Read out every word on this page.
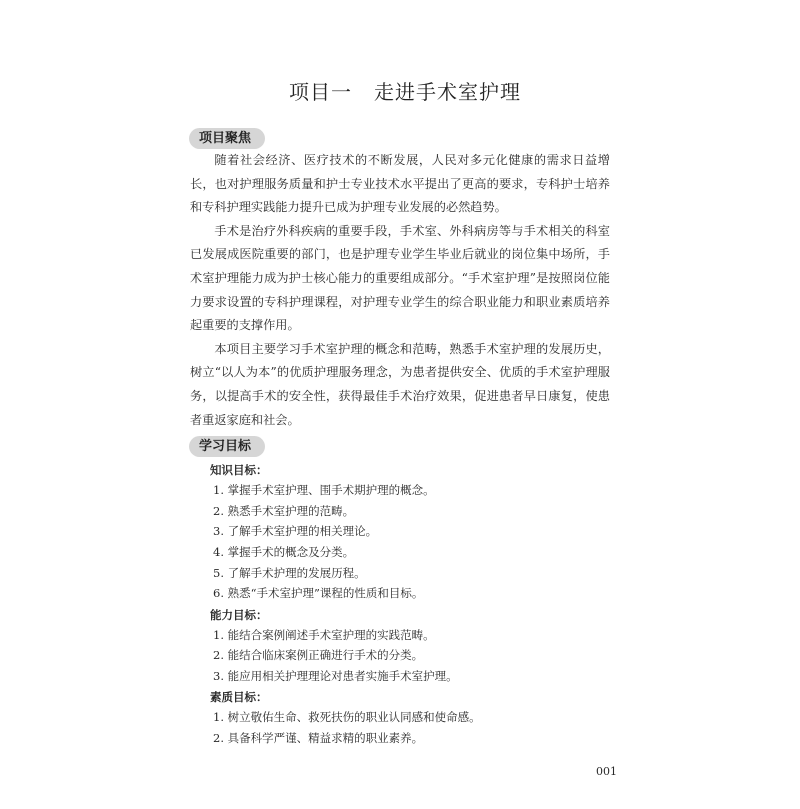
项目一 走进手术室护理
项目聚焦

随着社会经济、医疗技术的不断发展，人民对多元化健康的需求日益增长，也对护理服务质量和护士专业技术水平提出了更高的要求，专科护士培养和专科护理实践能力提升已成为护理专业发展的必然趋势。

手术是治疗外科疾病的重要手段，手术室、外科病房等与手术相关的科室已发展成医院重要的部门，也是护理专业学生毕业后就业的岗位集中场所，手术室护理能力成为护士核心能力的重要组成部分。“手术室护理”是按照岗位能力要求设置的专科护理课程，对护理专业学生的综合职业能力和职业素质培养起重要的支撑作用。

本项目主要学习手术室护理的概念和范畴，熟悉手术室护理的发展历史，树立“以人为本”的优质护理服务理念，为患者提供安全、优质的手术室护理服务，以提高手术的安全性，获得最佳手术治疗效果，促进患者早日康复，使患者重返家庭和社会。

学习目标
知识目标：
1. 掌握手术室护理、围手术期护理的概念。
2. 熟悉手术室护理的范畴。
3. 了解手术室护理的相关理论。
4. 掌握手术的概念及分类。
5. 了解手术护理的发展历程。
6. 熟悉“手术室护理”课程的性质和目标。
能力目标：
1. 能结合案例阐述手术室护理的实践范畴。
2. 能结合临床案例正确进行手术的分类。
3. 能应用相关护理理论对患者实施手术室护理。
素质目标：
1. 树立敬佑生命、救死扶伤的职业认同感和使命感。
2. 具备科学严谨、精益求精的职业素养。
001
